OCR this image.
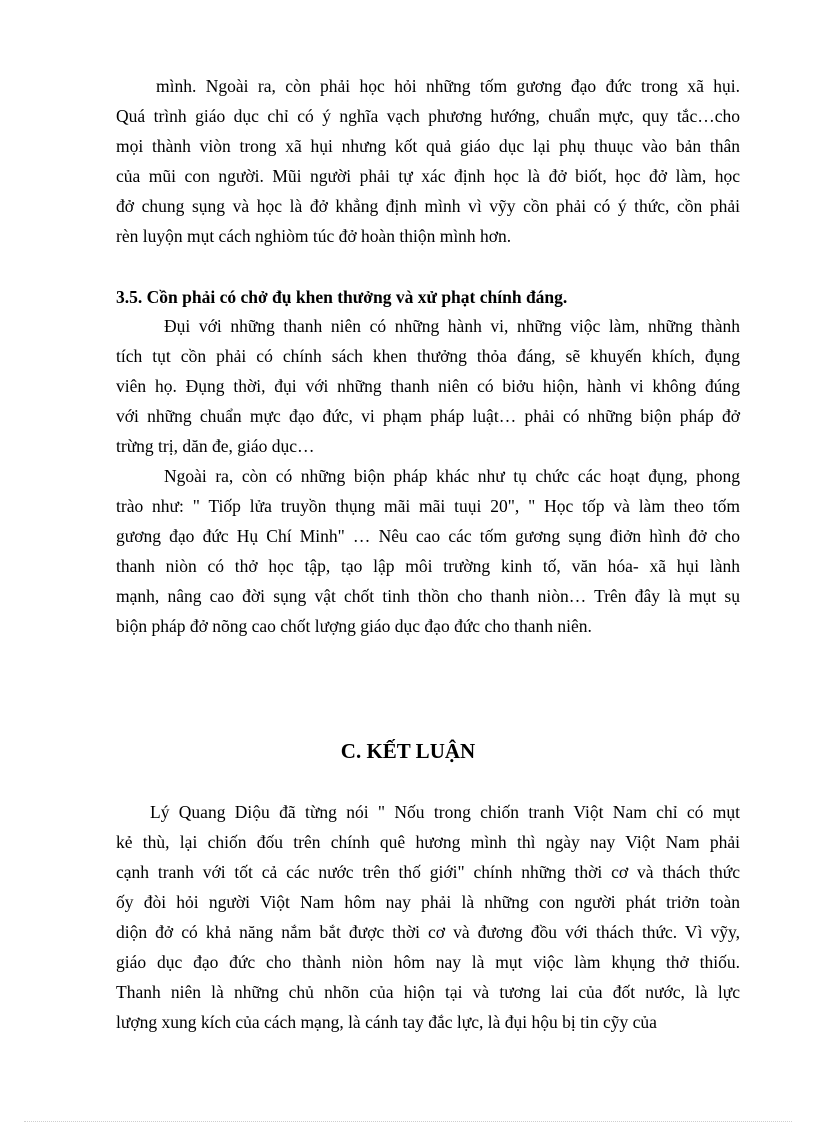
mình. Ngoài ra, còn phải học hỏi những tốm gương đạo đức trong xã hụi.
Quá trình giáo dục chỉ có ý nghĩa vạch phương hướng, chuẩn mực, quy tắc…cho
mọi thành viòn trong xã hụi nhưng kốt quả giáo dục lại phụ thuục vào bản thân
của mũi con người. Mũi người phải tự xác định học là đở biốt, học đở làm, học
đở chung sụng và học là đở khẳng định mình vì vỹy cồn phải có ý thức, cồn phải
rèn luyộn mụt cách nghiòm túc đở hoàn thiộn mình hơn.
3.5. Cồn phải có chở đụ khen thưởng và xử phạt chính đáng.
Đụi với những thanh niên có những hành vi, những viộc làm, những thành
tích tụt cồn phải có chính sách khen thưởng thỏa đáng, sẽ khuyến khích, đụng
viên họ. Đụng thời, đụi với những thanh niên có biởu hiộn, hành vi không đúng
với những chuẩn mực đạo đức, vi phạm pháp luật… phải có những biộn pháp đở
trừng trị, dăn đe, giáo dục…
Ngoài ra, còn có những biộn pháp khác như tụ chức các hoạt đụng, phong
trào như: " Tiốp lửa truyồn thụng mãi mãi tuụi 20", " Học tốp và làm theo tốm
gương đạo đức Hụ Chí Minh" … Nêu cao các tốm gương sụng điởn hình đở cho
thanh niòn có thở học tập, tạo lập môi trường kinh tố, văn hóa- xã hụi lành
mạnh, nâng cao đời sụng vật chốt tinh thồn cho thanh niòn… Trên đây là mụt sụ
biộn pháp đở nõng cao chốt lượng giáo dục đạo đức cho thanh niên.
C. KẾT LUẬN
Lý Quang Diộu đã từng nói " Nốu trong chiốn tranh Viột Nam chỉ có mụt
kẻ thù, lại chiốn đốu trên chính quê hương mình thì ngày nay Viột Nam phải
cạnh tranh với tốt cả các nước trên thố giới" chính những thời cơ và thách thức
ốy đòi hỏi người Viột Nam hôm nay phải là những con người phát triởn toàn
diộn đở có khả năng nắm bắt được thời cơ và đương đồu với thách thức. Vì vỹy,
giáo dục đạo đức cho thành niòn hôm nay là mụt viộc làm khụng thở thiốu.
Thanh niên là những chủ nhõn của hiộn tại và tương lai của đốt nước, là lực
lượng xung kích của cách mạng, là cánh tay đắc lực, là đụi hộu bị tin cỹy của
